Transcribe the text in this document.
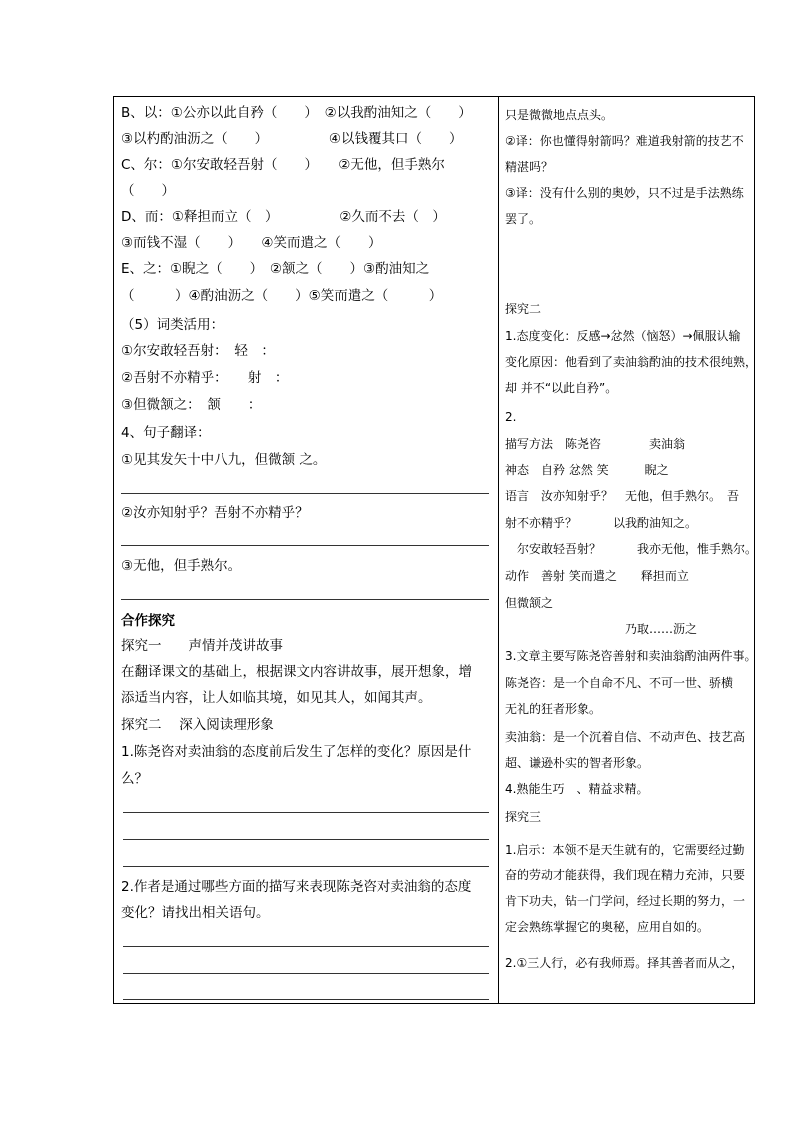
B、以：①公亦以此自矜（　　）　②以我酌油知之（　　）
③以杓酌油沥之（　　）　　　　　④以钱覆其口（　　）
C、尔：①尔安敢轻吾射（　　）　　②无他，但手熟尔
（　　）
D、而：①释担而立（　）　　　　　②久而不去（　）
③而钱不湿（　　）　　④笑而遣之（　　）
E、之：①睨之（　　）　②颔之（　　）③酌油知之
（　　　）④酌油沥之（　　）⑤笑而遣之（　　　）
（5）词类活用：
①尔安敢轻吾射：　轻　：
②吾射不亦精乎：　　射　：
③但微颔之：　颔　　：
4、句子翻译：
①见其发矢十中八九，但微颔 之。
②汝亦知射乎？吾射不亦精乎？
③无他，但手熟尔。
合作探究
探究一　　声情并茂讲故事
在翻译课文的基础上，根据课文内容讲故事，展开想象，增
添适当内容，让人如临其境，如见其人，如闻其声。
探究二　 深入阅读理形象
1.陈尧咨对卖油翁的态度前后发生了怎样的变化？原因是什
么？
2.作者是通过哪些方面的描写来表现陈尧咨对卖油翁的态度
变化？请找出相关语句。
只是微微地点点头。
②译：你也懂得射箭吗？难道我射箭的技艺不
精湛吗？
③译：没有什么别的奥妙，只不过是手法熟练
罢了。
探究二
1.态度变化：反感→忿然（恼怒）→佩服认输
变化原因：他看到了卖油翁酌油的技术很纯熟，
却 并不“以此自矜”。
2.
描写方法　陈尧咨　　　　卖油翁
神态　自矜 忿然 笑　　　睨之
语言　汝亦知射乎？　无他，但手熟尔。　吾
射不亦精乎？　　　以我酌油知之。
　尔安敢轻吾射？　　　我亦无他，惟手熟尔。
动作　善射 笑而遣之　　释担而立
但微颔之
乃取……沥之
3.文章主要写陈尧咨善射和卖油翁酌油两件事。
陈尧咨：是一个自命不凡、不可一世、骄横
无礼的狂者形象。
卖油翁：是一个沉着自信、不动声色、技艺高
超、谦逊朴实的智者形象。
4.熟能生巧　、精益求精。
探究三
1.启示：本领不是天生就有的，它需要经过勤
奋的劳动才能获得，我们现在精力充沛，只要
肯下功夫，钻一门学问，经过长期的努力，一
定会熟练掌握它的奥秘，应用自如的。
2.①三人行，必有我师焉。择其善者而从之，
